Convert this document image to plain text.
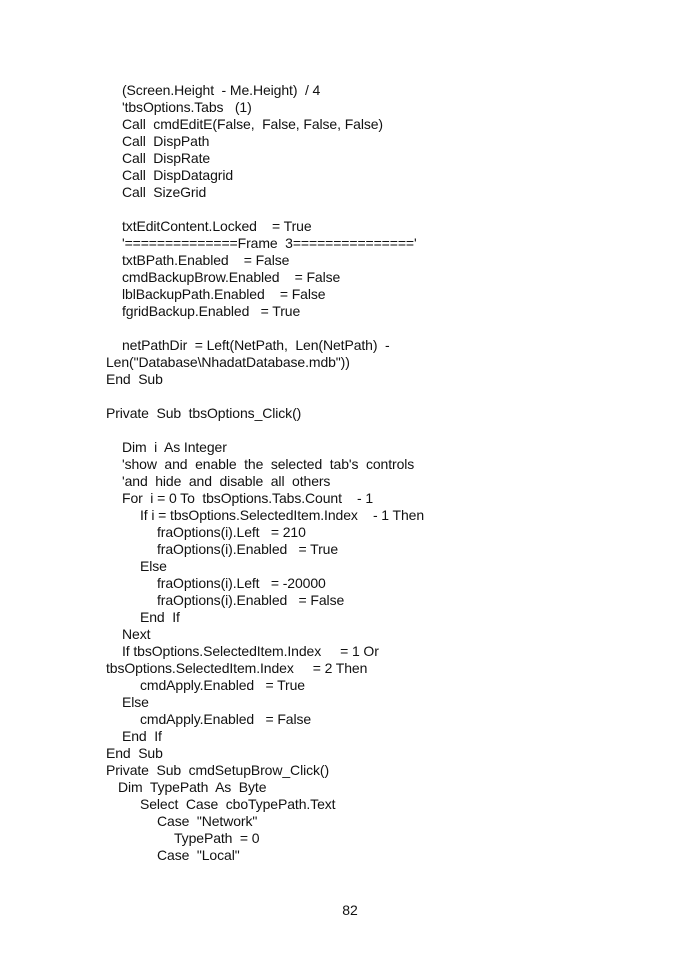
(Screen.Height  - Me.Height)  / 4
'tbsOptions.Tabs   (1)
Call  cmdEditE(False,  False, False, False)
Call  DispPath
Call  DispRate
Call  DispDatagrid
Call  SizeGrid
txtEditContent.Locked    = True
'==============Frame  3==============='
txtBPath.Enabled    = False
cmdBackupBrow.Enabled    = False
lblBackupPath.Enabled    = False
fgridBackup.Enabled   = True
netPathDir  = Left(NetPath,  Len(NetPath)  -
Len("Database\NhadatDatabase.mdb"))
End  Sub
Private  Sub  tbsOptions_Click()
Dim  i  As Integer
'show  and  enable  the  selected  tab's  controls
'and  hide  and  disable  all  others
For  i = 0 To  tbsOptions.Tabs.Count    - 1
If i = tbsOptions.SelectedItem.Index    - 1 Then
fraOptions(i).Left   = 210
fraOptions(i).Enabled   = True
Else
fraOptions(i).Left   = -20000
fraOptions(i).Enabled   = False
End  If
Next
If tbsOptions.SelectedItem.Index     = 1 Or
tbsOptions.SelectedItem.Index     = 2 Then
cmdApply.Enabled   = True
Else
cmdApply.Enabled   = False
End  If
End  Sub
Private  Sub  cmdSetupBrow_Click()
Dim  TypePath  As  Byte
Select  Case  cboTypePath.Text
Case  "Network"
TypePath  = 0
Case  "Local"
82
